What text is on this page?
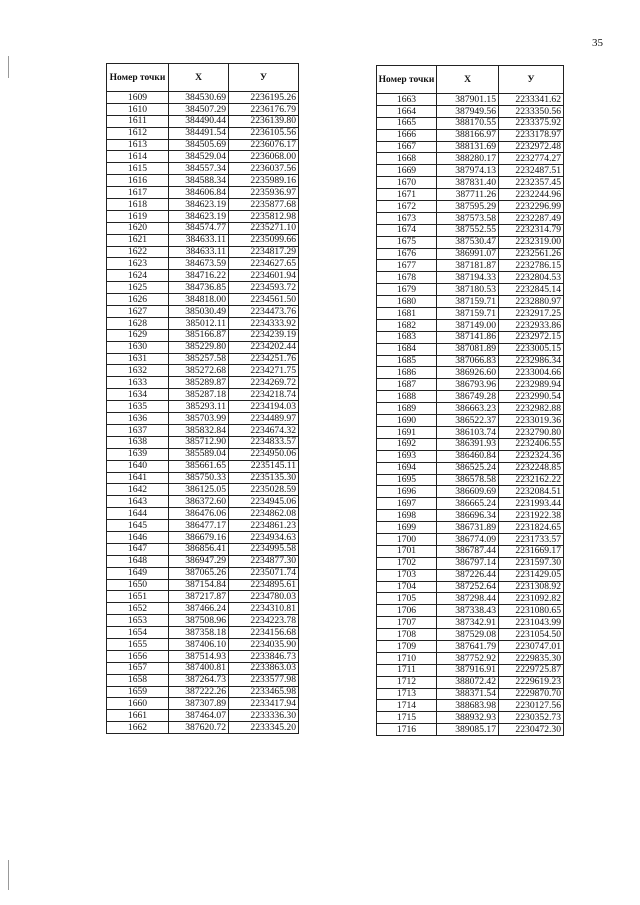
35
Номер точки	X	У
1609	384530.69	2236195.26
1610	384507.29	2236176.79
1611	384490.44	2236139.80
1612	384491.54	2236105.56
1613	384505.69	2236076.17
1614	384529.04	2236068.00
1615	384557.34	2236037.56
1616	384588.34	2235989.16
1617	384606.84	2235936.97
1618	384623.19	2235877.68
1619	384623.19	2235812.98
1620	384574.77	2235271.10
1621	384633.11	2235099.66
1622	384633.11	2234817.29
1623	384673.59	2234627.65
1624	384716.22	2234601.94
1625	384736.85	2234593.72
1626	384818.00	2234561.50
1627	385030.49	2234473.76
1628	385012.11	2234333.92
1629	385166.87	2234239.19
1630	385229.80	2234202.44
1631	385257.58	2234251.76
1632	385272.68	2234271.75
1633	385289.87	2234269.72
1634	385287.18	2234218.74
1635	385293.11	2234194.03
1636	385703.99	2234489.97
1637	385832.84	2234674.32
1638	385712.90	2234833.57
1639	385589.04	2234950.06
1640	385661.65	2235145.11
1641	385750.33	2235135.30
1642	386125.05	2235028.59
1643	386372.60	2234945.06
1644	386476.06	2234862.08
1645	386477.17	2234861.23
1646	386679.16	2234934.63
1647	386856.41	2234995.58
1648	386947.29	2234877.30
1649	387065.26	2235071.74
1650	387154.84	2234895.61
1651	387217.87	2234780.03
1652	387466.24	2234310.81
1653	387508.96	2234223.78
1654	387358.18	2234156.68
1655	387406.10	2234035.90
1656	387514.93	2233846.73
1657	387400.81	2233863.03
1658	387264.73	2233577.98
1659	387222.26	2233465.98
1660	387307.89	2233417.94
1661	387464.07	2233336.30
1662	387620.72	2233345.20
Номер точки	X	У
1663	387901.15	2233341.62
1664	387949.56	2233350.56
1665	388170.55	2233375.92
1666	388166.97	2233178.97
1667	388131.69	2232972.48
1668	388280.17	2232774.27
1669	387974.13	2232487.51
1670	387831.40	2232357.45
1671	387711.26	2232244.96
1672	387595.29	2232296.99
1673	387573.58	2232287.49
1674	387552.55	2232314.79
1675	387530.47	2232319.00
1676	386991.07	2232561.26
1677	387181.87	2232786.15
1678	387194.33	2232804.53
1679	387180.53	2232845.14
1680	387159.71	2232880.97
1681	387159.71	2232917.25
1682	387149.00	2232933.86
1683	387141.86	2232972.15
1684	387081.89	2233005.15
1685	387066.83	2232986.34
1686	386926.60	2233004.66
1687	386793.96	2232989.94
1688	386749.28	2232990.54
1689	386663.23	2232982.88
1690	386522.37	2233019.36
1691	386103.74	2232790.80
1692	386391.93	2232406.55
1693	386460.84	2232324.36
1694	386525.24	2232248.85
1695	386578.58	2232162.22
1696	386609.69	2232084.51
1697	386665.24	2231993.44
1698	386696.34	2231922.38
1699	386731.89	2231824.65
1700	386774.09	2231733.57
1701	386787.44	2231669.17
1702	386797.14	2231597.30
1703	387226.44	2231429.05
1704	387252.64	2231308.92
1705	387298.44	2231092.82
1706	387338.43	2231080.65
1707	387342.91	2231043.99
1708	387529.08	2231054.50
1709	387641.79	2230747.01
1710	387752.92	2229835.30
1711	387916.91	2229725.87
1712	388072.42	2229619.23
1713	388371.54	2229870.70
1714	388683.98	2230127.56
1715	388932.93	2230352.73
1716	389085.17	2230472.30
